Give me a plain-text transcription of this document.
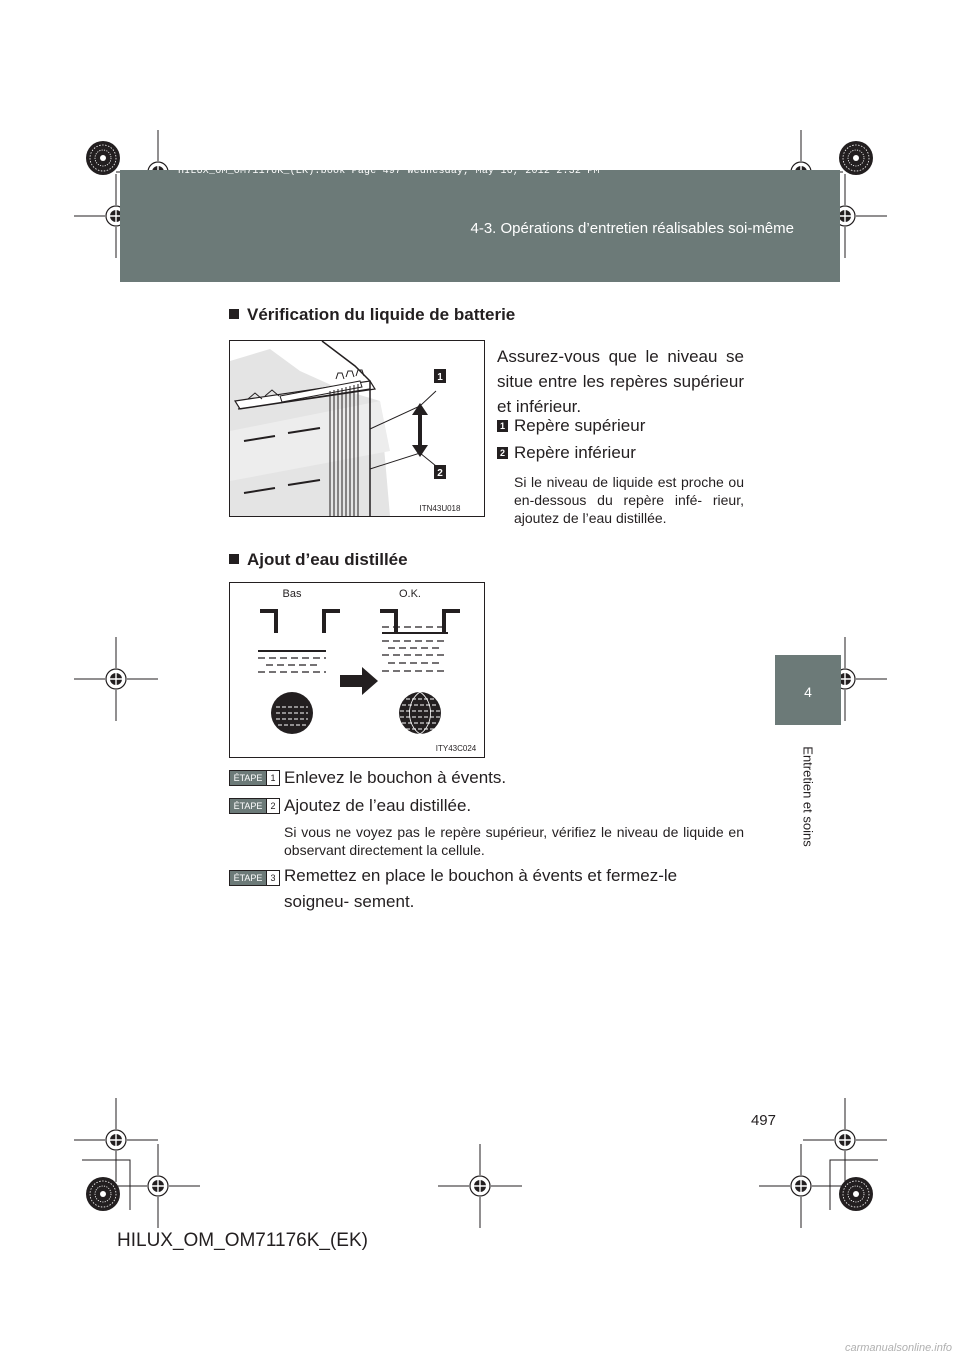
HILUX_OM_OM71176K_(EK).book Page 497 Wednesday, May 16, 2012 2:32 PM
4-3. Opérations d’entretien réalisables soi-même
4
Entretien et soins
Vérification du liquide de batterie
1
2
ITN43U018
Assurez-vous que le niveau se situe entre les repères supérieur et inférieur.
1 Repère supérieur
2 Repère inférieur
Si le niveau de liquide est proche ou en-dessous du repère infé- rieur, ajoutez de l’eau distillée.
Ajout d’eau distillée
Bas	O.K.
ITY43C024
ÉTAPE 1 Enlevez le bouchon à évents.
ÉTAPE 2 Ajoutez de l’eau distillée.
Si vous ne voyez pas le repère supérieur, vérifiez le niveau de liquide en observant directement la cellule.
ÉTAPE 3 Remettez en place le bouchon à évents et fermez-le soigneu- sement.
497
HILUX_OM_OM71176K_(EK)
carmanualsonline.info
